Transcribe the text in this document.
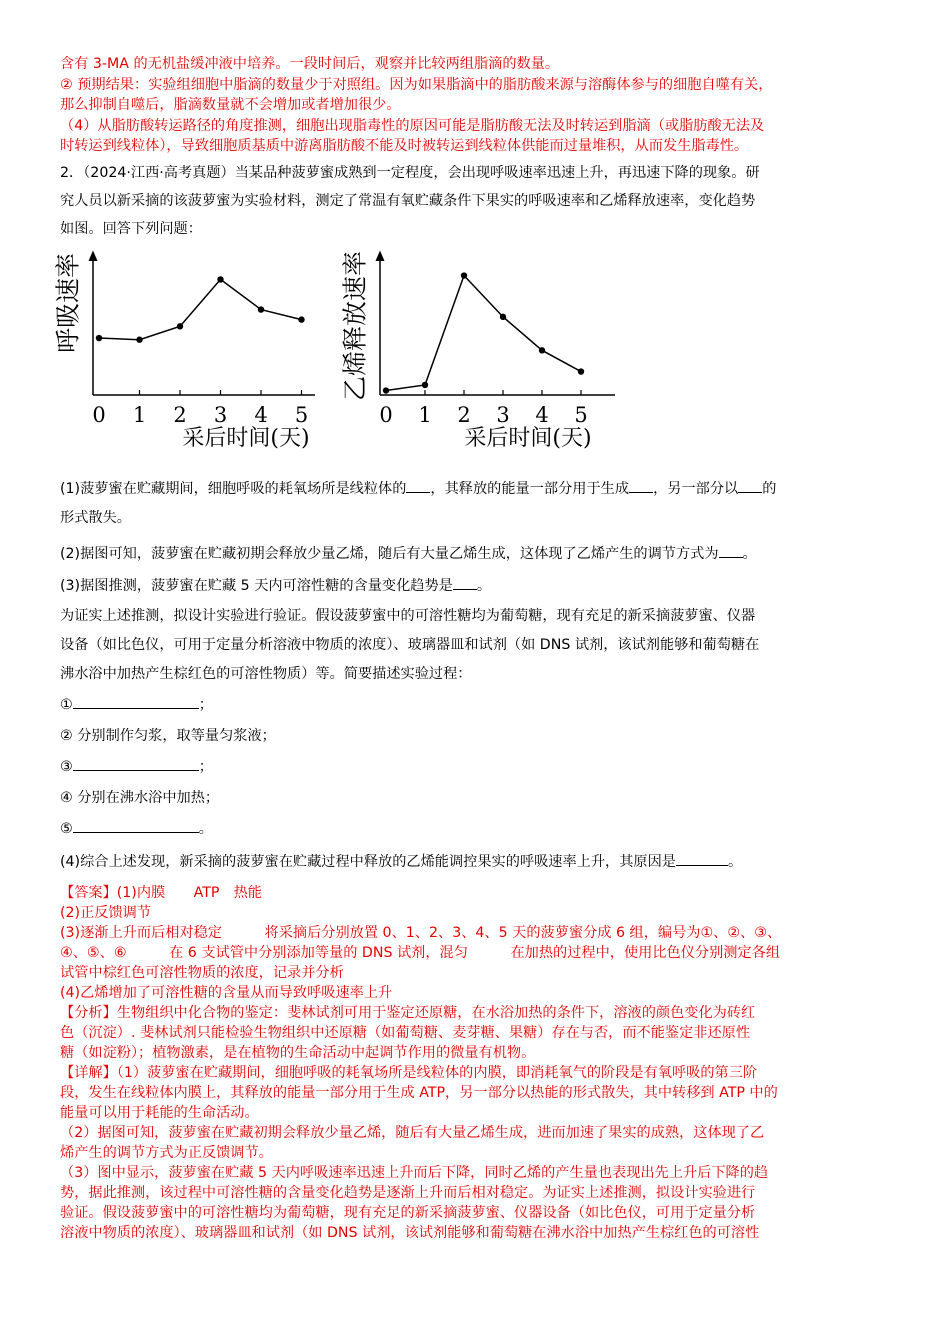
含有 3-MA 的无机盐缓冲液中培养。一段时间后，观察并比较两组脂滴的数量。

② 预期结果：实验组细胞中脂滴的数量少于对照组。因为如果脂滴中的脂肪酸来源与溶酶体参与的细胞自噬有关，

那么抑制自噬后，脂滴数量就不会增加或者增加很少。

（4）从脂肪酸转运路径的角度推测，细胞出现脂毒性的原因可能是脂肪酸无法及时转运到脂滴（或脂肪酸无法及

时转运到线粒体），导致细胞质基质中游离脂肪酸不能及时被转运到线粒体供能而过量堆积，从而发生脂毒性。

2．（2024·江西·高考真题）当某品种菠萝蜜成熟到一定程度，会出现呼吸速率迅速上升，再迅速下降的现象。研

究人员以新采摘的该菠萝蜜为实验材料，测定了常温有氧贮藏条件下果实的呼吸速率和乙烯释放速率，变化趋势

如图。回答下列问题：

呼吸速率
采后时间(天)
0 1 2 3 4 5
乙烯释放速率
采后时间(天)
0 1 2 3 4 5

(1)菠萝蜜在贮藏期间，细胞呼吸的耗氧场所是线粒体的 ，其释放的能量一部分用于生成 ，另一部分以 的

形式散失。

(2)据图可知，菠萝蜜在贮藏初期会释放少量乙烯，随后有大量乙烯生成，这体现了乙烯产生的调节方式为 。

(3)据图推测，菠萝蜜在贮藏 5 天内可溶性糖的含量变化趋势是 。

为证实上述推测，拟设计实验进行验证。假设菠萝蜜中的可溶性糖均为葡萄糖，现有充足的新采摘菠萝蜜、仪器

设备（如比色仪，可用于定量分析溶液中物质的浓度）、玻璃器皿和试剂（如 DNS 试剂，该试剂能够和葡萄糖在

沸水浴中加热产生棕红色的可溶性物质）等。简要描述实验过程：

①	；

② 分别制作匀浆，取等量匀浆液；

③	；

④ 分别在沸水浴中加热；

⑤	。

(4)综合上述发现，新采摘的菠萝蜜在贮藏过程中释放的乙烯能调控果实的呼吸速率上升，其原因是	。

【答案】(1)内膜　　ATP　热能

(2)正反馈调节

(3)逐渐上升而后相对稳定　　　将采摘后分别放置 0、1、2、3、4、5 天的菠萝蜜分成 6 组，编号为①、②、③、

④、⑤、⑥　　　在 6 支试管中分别添加等量的 DNS 试剂，混匀　　　在加热的过程中，使用比色仪分别测定各组

试管中棕红色可溶性物质的浓度，记录并分析

(4)乙烯增加了可溶性糖的含量从而导致呼吸速率上升

【分析】生物组织中化合物的鉴定：斐林试剂可用于鉴定还原糖，在水浴加热的条件下，溶液的颜色变化为砖红

色（沉淀）. 斐林试剂只能检验生物组织中还原糖（如葡萄糖、麦芽糖、果糖）存在与否，而不能鉴定非还原性

糖（如淀粉）；植物激素，是在植物的生命活动中起调节作用的微量有机物。

【详解】（1）菠萝蜜在贮藏期间，细胞呼吸的耗氧场所是线粒体的内膜，即消耗氧气的阶段是有氧呼吸的第三阶

段，发生在线粒体内膜上，其释放的能量一部分用于生成 ATP，另一部分以热能的形式散失，其中转移到 ATP 中的

能量可以用于耗能的生命活动。

（2）据图可知，菠萝蜜在贮藏初期会释放少量乙烯，随后有大量乙烯生成，进而加速了果实的成熟，这体现了乙

烯产生的调节方式为正反馈调节。

（3）图中显示，菠萝蜜在贮藏 5 天内呼吸速率迅速上升而后下降，同时乙烯的产生量也表现出先上升后下降的趋

势，据此推测，该过程中可溶性糖的含量变化趋势是逐渐上升而后相对稳定。为证实上述推测，拟设计实验进行

验证。假设菠萝蜜中的可溶性糖均为葡萄糖，现有充足的新采摘菠萝蜜、仪器设备（如比色仪，可用于定量分析

溶液中物质的浓度）、玻璃器皿和试剂（如 DNS 试剂，该试剂能够和葡萄糖在沸水浴中加热产生棕红色的可溶性
